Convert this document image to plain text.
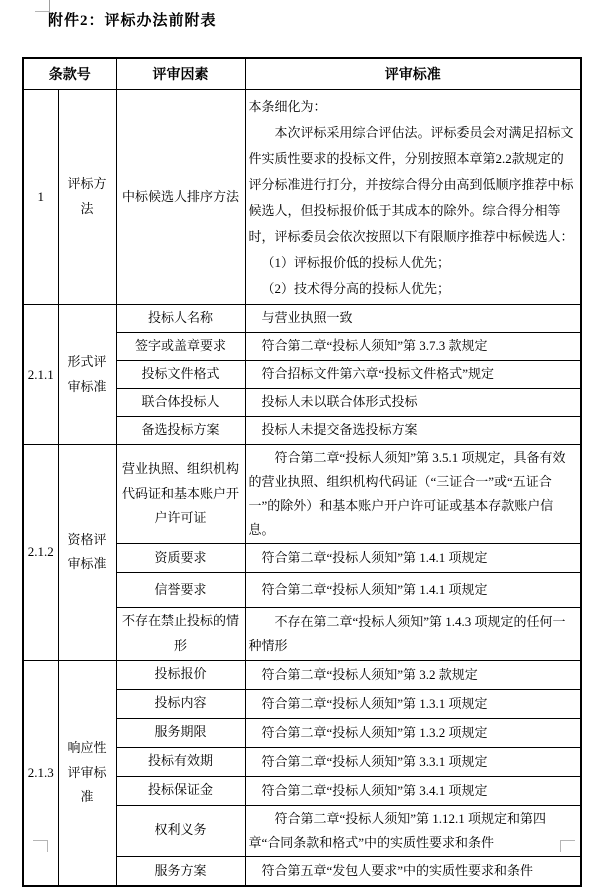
附件2：评标办法前附表
条款号		评审因素	评审标准
1	评标方法	中标候选人排序方法	本条细化为：

本次评标采用综合评估法。评标委员会对满足招标文件实质性要求的投标文件，分别按照本章第2.2款规定的评分标准进行打分，并按综合得分由高到低顺序推荐中标候选人，但投标报价低于其成本的除外。综合得分相等时，评标委员会依次按照以下有限顺序推荐中标候选人：

（1）评标报价低的投标人优先；

（2）技术得分高的投标人优先；

2.1.1	形式评审标准	投标人名称	与营业执照一致
		签字或盖章要求	符合第二章“投标人须知”第 3.7.3 款规定
		投标文件格式	符合招标文件第六章“投标文件格式”规定
		联合体投标人	投标人未以联合体形式投标
		备选投标方案	投标人未提交备选投标方案
2.1.2	资格评审标准	营业执照、组织机构代码证和基本账户开户许可证	符合第二章“投标人须知”第 3.5.1 项规定，具备有效的营业执照、组织机构代码证（“三证合一”或“五证合一”的除外）和基本账户开户许可证或基本存款账户信息。
		资质要求	符合第二章“投标人须知”第 1.4.1 项规定
		信誉要求	符合第二章“投标人须知”第 1.4.1 项规定
		不存在禁止投标的情形	不存在第二章“投标人须知”第 1.4.3 项规定的任何一种情形
2.1.3	响应性评审标准	投标报价	符合第二章“投标人须知”第 3.2 款规定
		投标内容	符合第二章“投标人须知”第 1.3.1 项规定
		服务期限	符合第二章“投标人须知”第 1.3.2 项规定
		投标有效期	符合第二章“投标人须知”第 3.3.1 项规定
		投标保证金	符合第二章“投标人须知”第 3.4.1 项规定
		权利义务	符合第二章“投标人须知”第 1.12.1 项规定和第四章“合同条款和格式”中的实质性要求和条件
		服务方案	符合第五章“发包人要求”中的实质性要求和条件
